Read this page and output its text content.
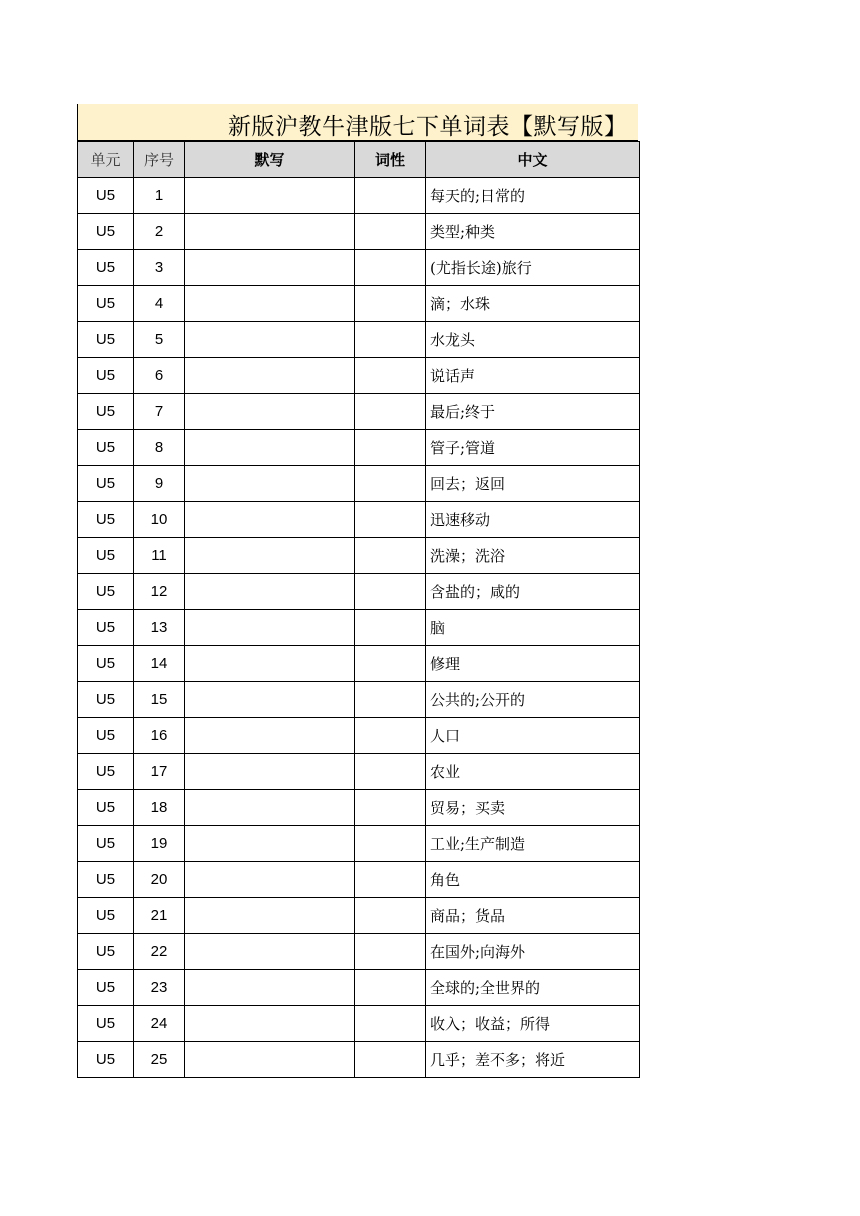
新版沪教牛津版七下单词表【默写版】
单元	序号	默写	词性	中文
U5	1			每天的;日常的
U5	2			类型;种类
U5	3			(尤指长途)旅行
U5	4			滴；水珠
U5	5			水龙头
U5	6			说话声
U5	7			最后;终于
U5	8			管子;管道
U5	9			回去；返回
U5	10			迅速移动
U5	11			洗澡；洗浴
U5	12			含盐的；咸的
U5	13			脑
U5	14			修理
U5	15			公共的;公开的
U5	16			人口
U5	17			农业
U5	18			贸易；买卖
U5	19			工业;生产制造
U5	20			角色
U5	21			商品；货品
U5	22			在国外;向海外
U5	23			全球的;全世界的
U5	24			收入；收益；所得
U5	25			几乎；差不多；将近
